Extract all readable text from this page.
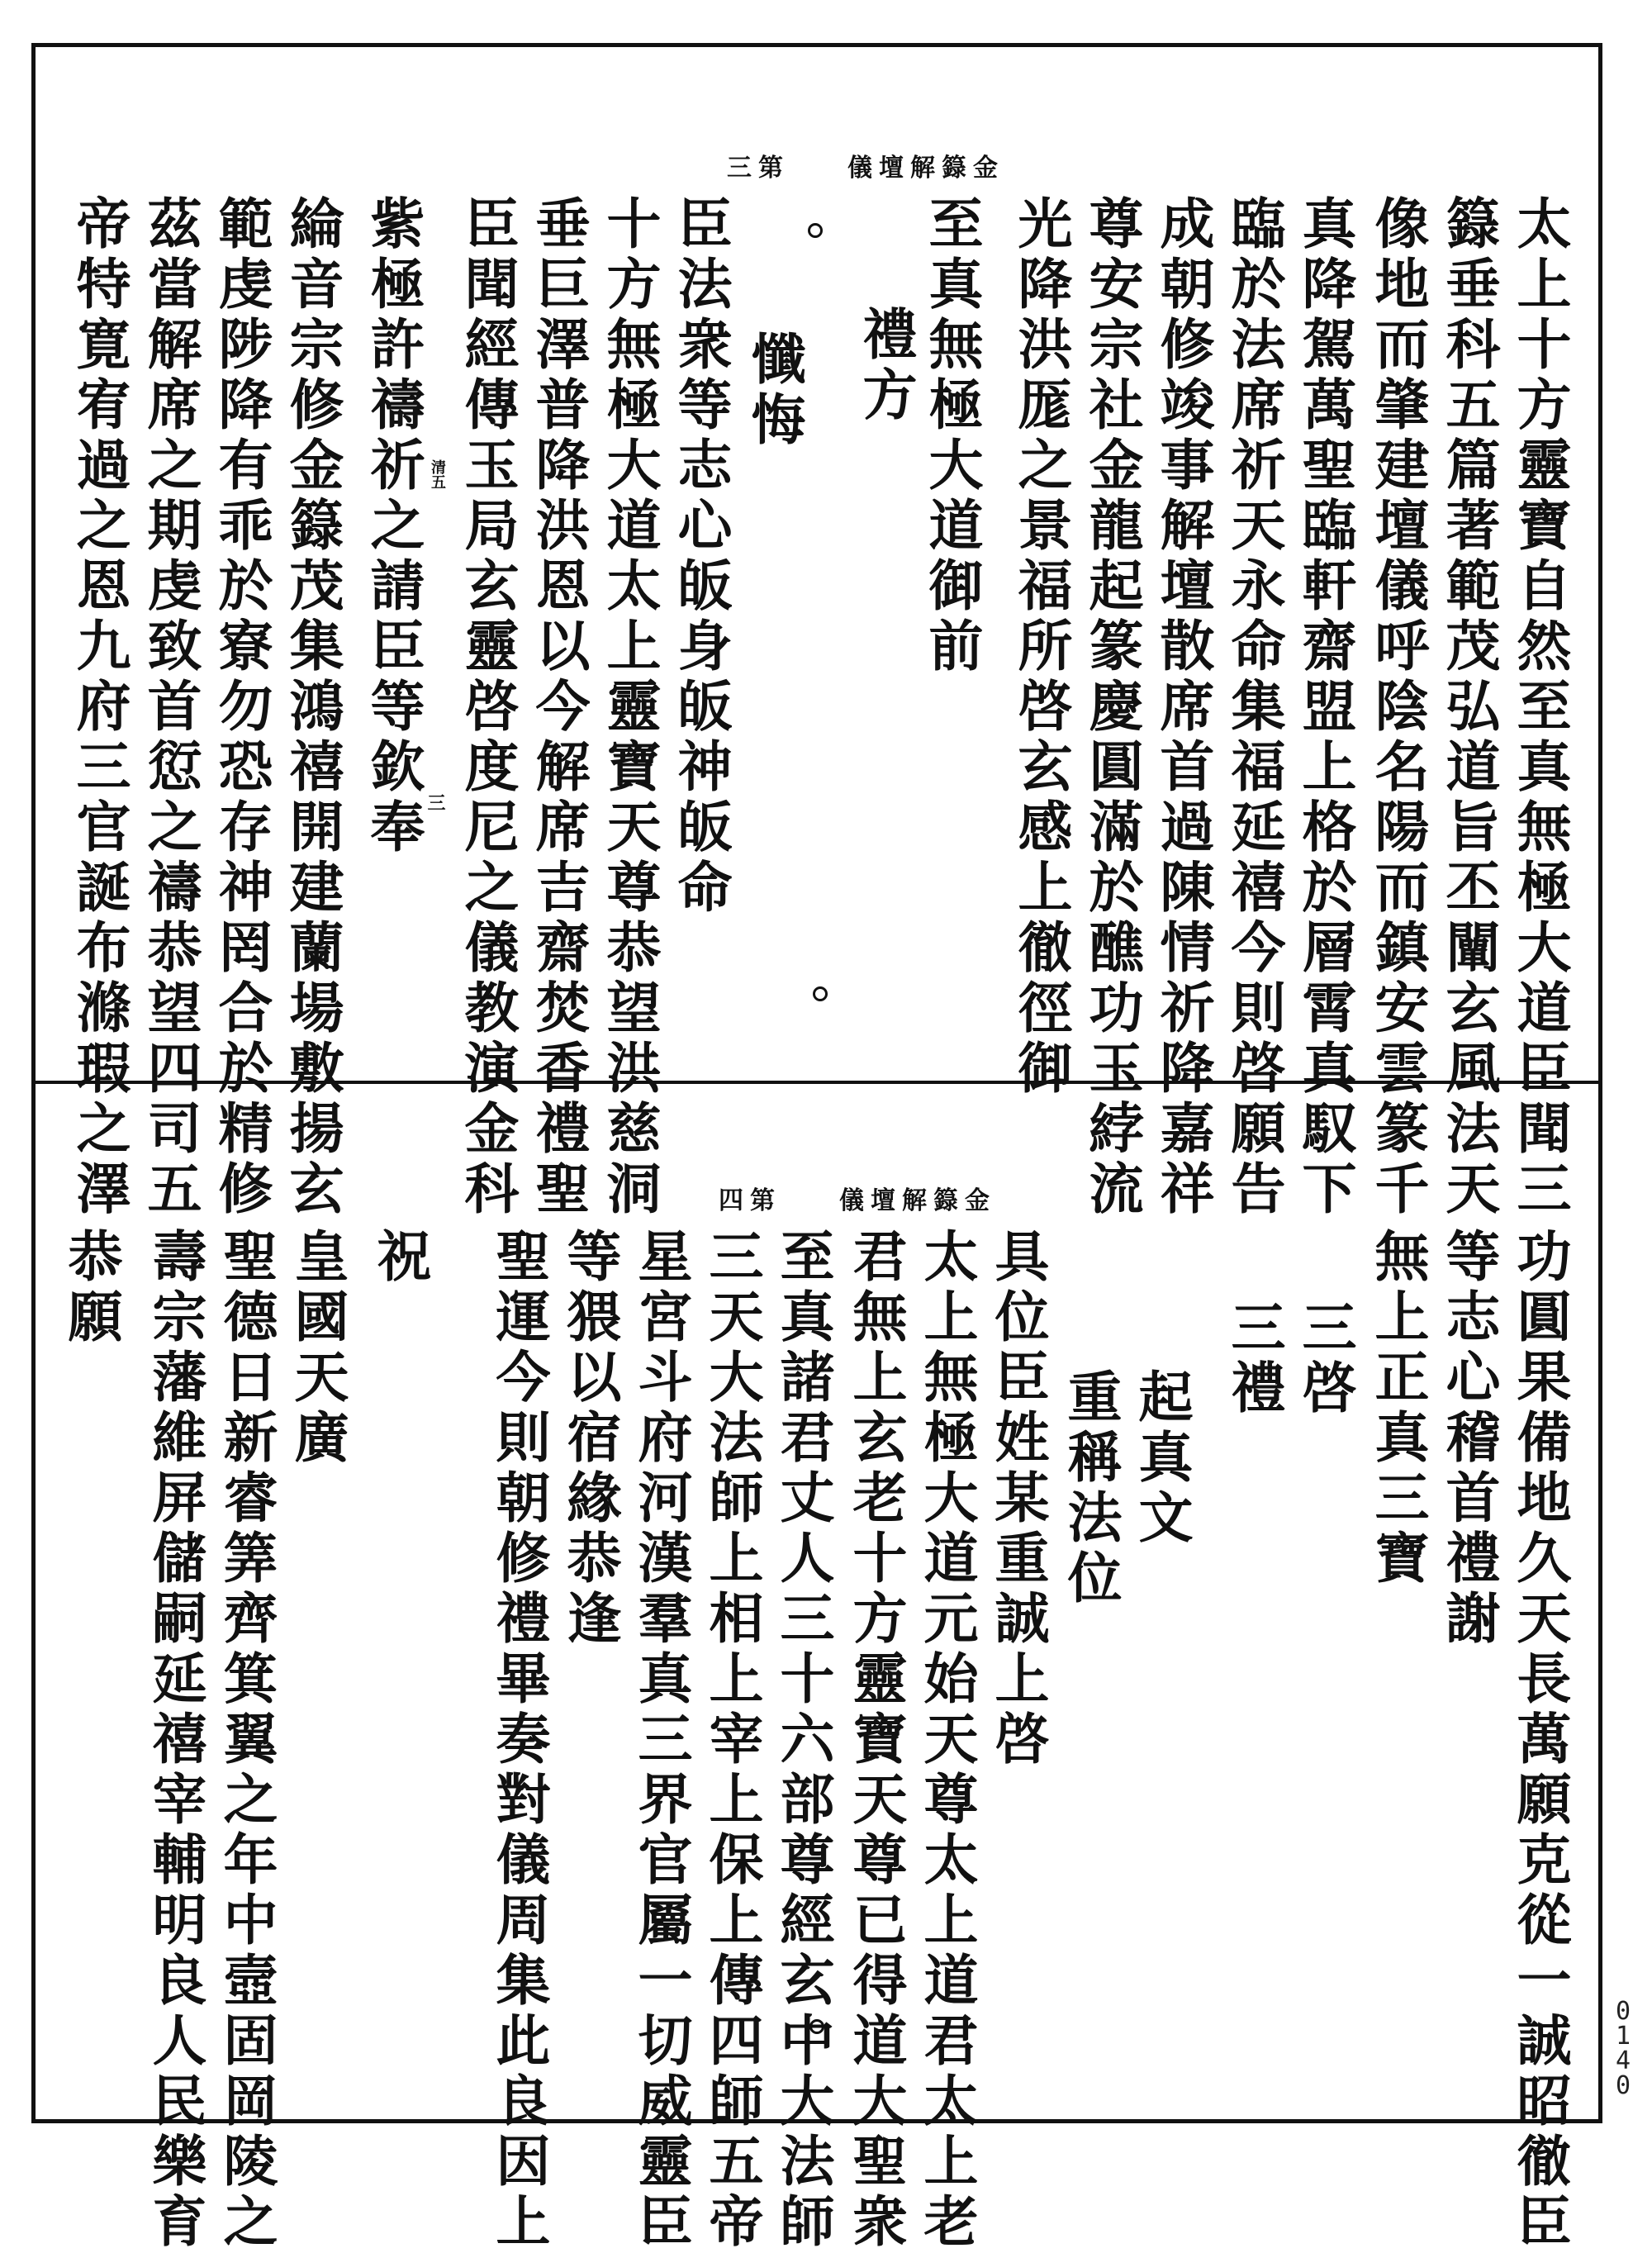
第三 金籙解壇儀
太上十方靈寶自然至真無極大道臣聞三
籙垂科五篇著範茂弘道旨丕闡玄風法天
像地而肇建壇儀呼陰名陽而鎮安雲篆千
真降駕萬聖臨軒齋盟上格於層霄真馭下
臨於法席祈天永命集福延禧今則啓願告
成朝修竣事解壇散席首過陳情祈降嘉祥
尊安宗社金龍起篆慶圓滿於醮功玉綍流
光降洪厖之景福所啓玄感上徹徑御
至真無極大道御前
禮方
懺悔
臣法衆等志心皈身皈神皈命
十方無極大道太上靈寶天尊恭望洪慈洞
垂巨澤普降洪恩以今解席吉齋焚香禮聖
臣聞經傳玉局玄靈啓度尼之儀教演金科
紫極許禱祈之請臣等欽奉
綸音宗修金籙茂集鴻禧開建蘭場敷揚玄
範虔陟降有乖於寮勿恐存神罔合於精修
茲當解席之期虔致首愆之禱恭望四司五
帝特寛宥過之恩九府三官誕布滌瑕之澤	清五
三
第四 金籙解壇儀
功圓果備地久天長萬願克從一誠昭徹臣
等志心稽首禮謝
無上正真三寶
三啓
三禮
起真文
重稱法位
具位臣姓某重誠上啓
太上無極大道元始天尊太上道君太上老
君無上玄老十方靈寶天尊已得道大聖衆
至真諸君丈人三十六部尊經玄中大法師
三天大法師上相上宰上保上傳四師五帝
星宮斗府河漢羣真三界官屬一切威靈臣
等猥以宿緣恭逢
聖運今則朝修禮畢奏對儀周集此良因上
祝
皇國天廣
聖德日新睿筭齊箕翼之年中壼固岡陵之
壽宗藩維屏儲嗣延禧宰輔明良人民樂育
恭願
0
1
4
0
